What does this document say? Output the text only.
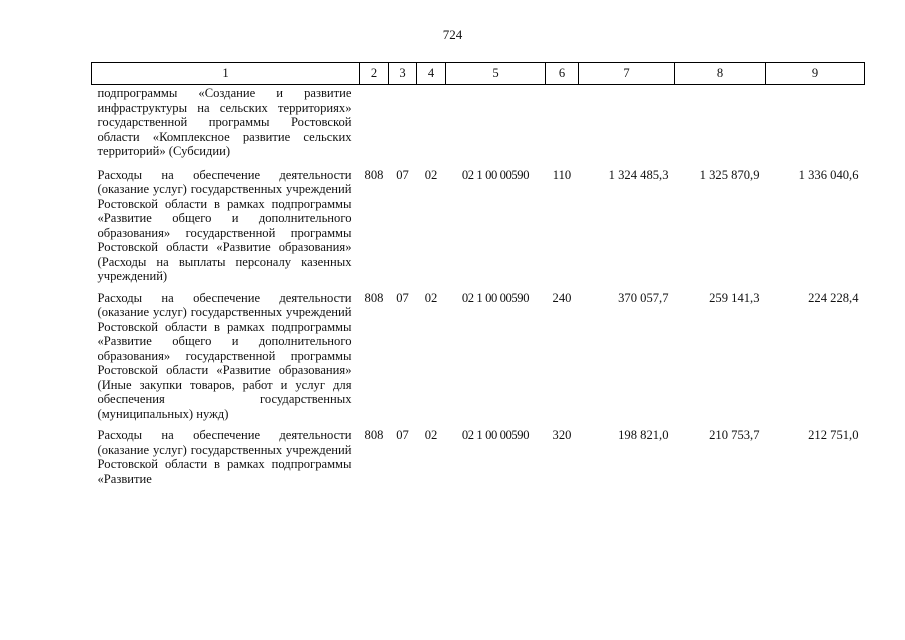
724
1	2	3	4	5	6	7	8	9
подпрограммы «Создание и развитие инфраструктуры на сельских территориях» государственной программы Ростовской области «Комплексное развитие сельских территорий» (Субсидии)								
Расходы на обеспечение деятельности (оказание услуг) государственных учреждений Ростовской области в рамках подпрограммы «Развитие общего и дополнительного образования» государственной программы Ростовской области «Развитие образования» (Расходы на выплаты персоналу казенных учреждений)	808	07	02	02 1 00 00590	110	1 324 485,3	1 325 870,9	1 336 040,6
Расходы на обеспечение деятельности (оказание услуг) государственных учреждений Ростовской области в рамках подпрограммы «Развитие общего и дополнительного образования» государственной программы Ростовской области «Развитие образования» (Иные закупки товаров, работ и услуг для обеспечения государственных (муниципальных) нужд)	808	07	02	02 1 00 00590	240	370 057,7	259 141,3	224 228,4
Расходы на обеспечение деятельности (оказание услуг) государственных учреждений Ростовской области в рамках подпрограммы «Развитие	808	07	02	02 1 00 00590	320	198 821,0	210 753,7	212 751,0
